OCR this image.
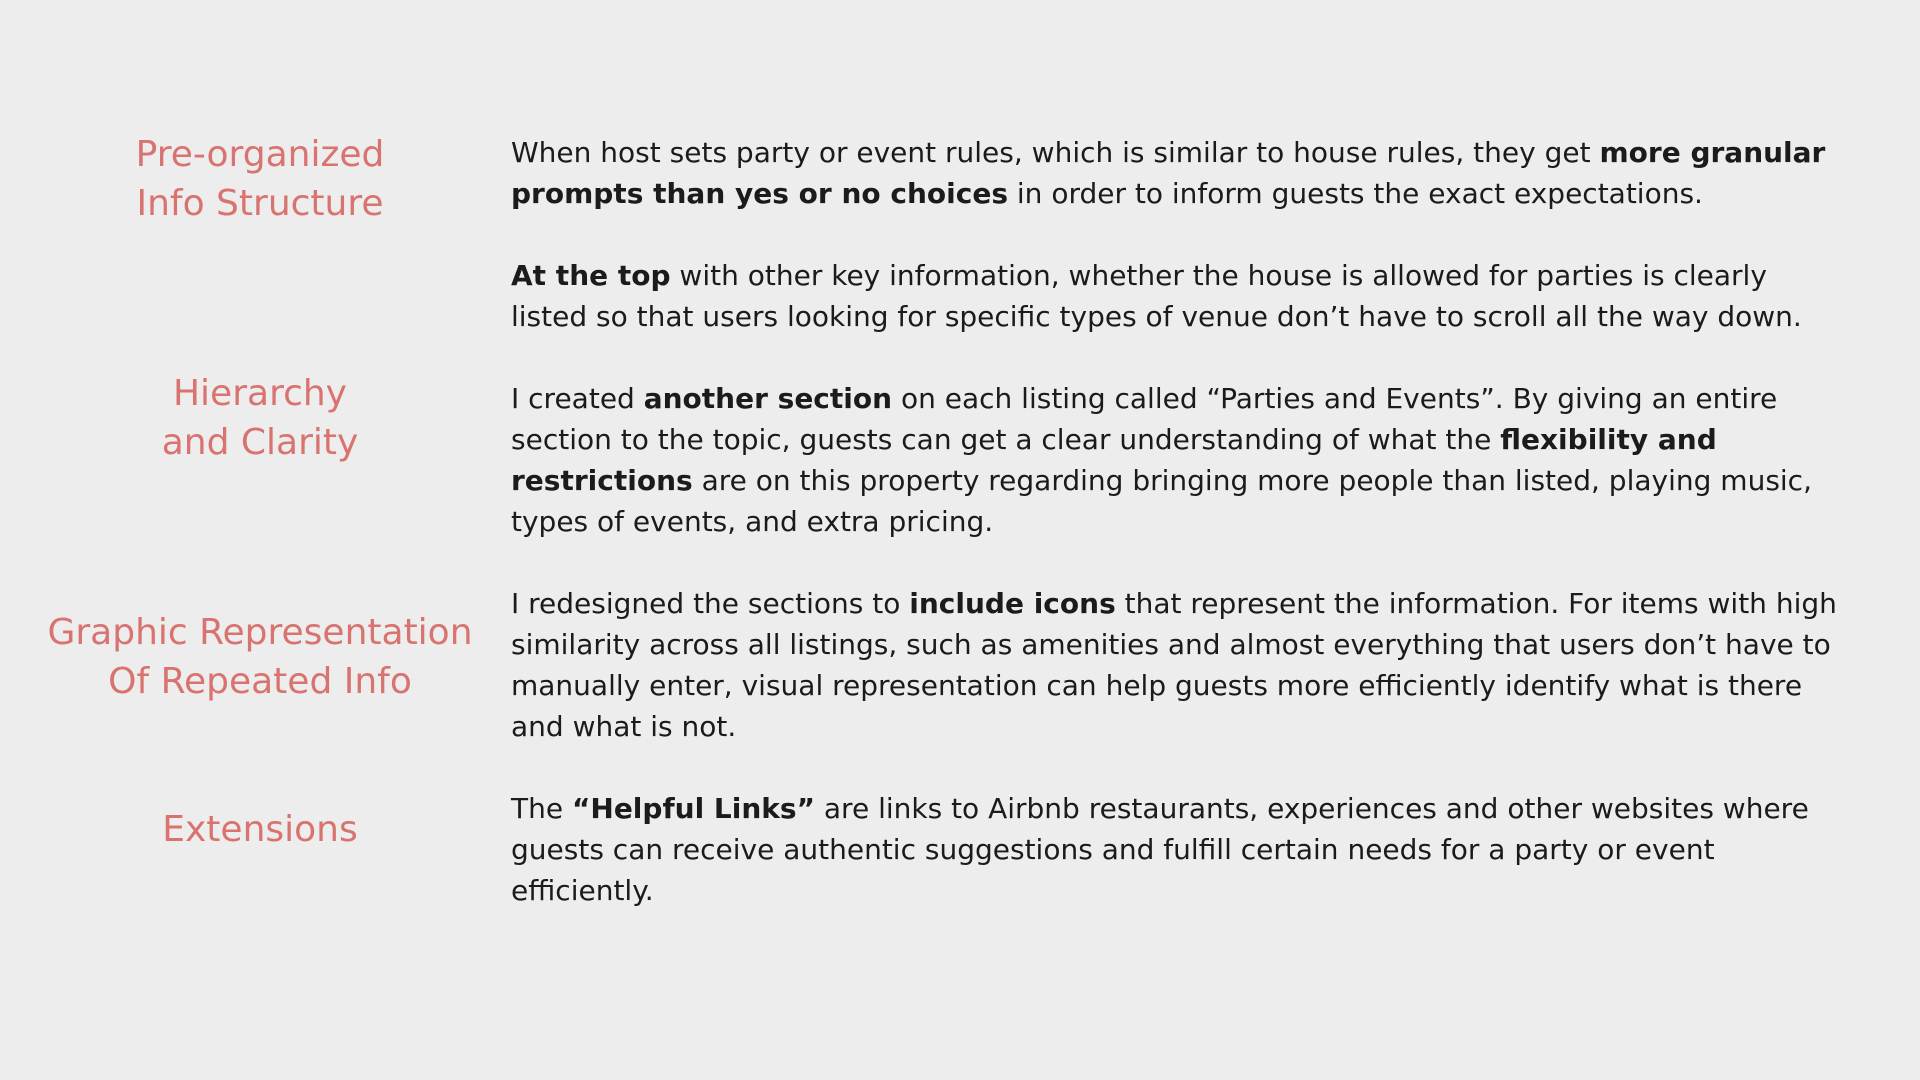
Pre-organized
Info Structure
Hierarchy
and Clarity
Graphic Representation
Of Repeated Info
Extensions

When host sets party or event rules, which is similar to house rules, they get more granular prompts than yes or no choices in order to inform guests the exact expectations.

At the top with other key information, whether the house is allowed for parties is clearly listed so that users looking for specific types of venue don’t have to scroll all the way down.

I created another section on each listing called “Parties and Events”. By giving an entire section to the topic, guests can get a clear understanding of what the flexibility and restrictions are on this property regarding bringing more people than listed, playing music, types of events, and extra pricing.

I redesigned the sections to include icons that represent the information. For items with high similarity across all listings, such as amenities and almost everything that users don’t have to manually enter, visual representation can help guests more efficiently identify what is there and what is not.

The “Helpful Links” are links to Airbnb restaurants, experiences and other websites where guests can receive authentic suggestions and fulfill certain needs for a party or event efficiently.
